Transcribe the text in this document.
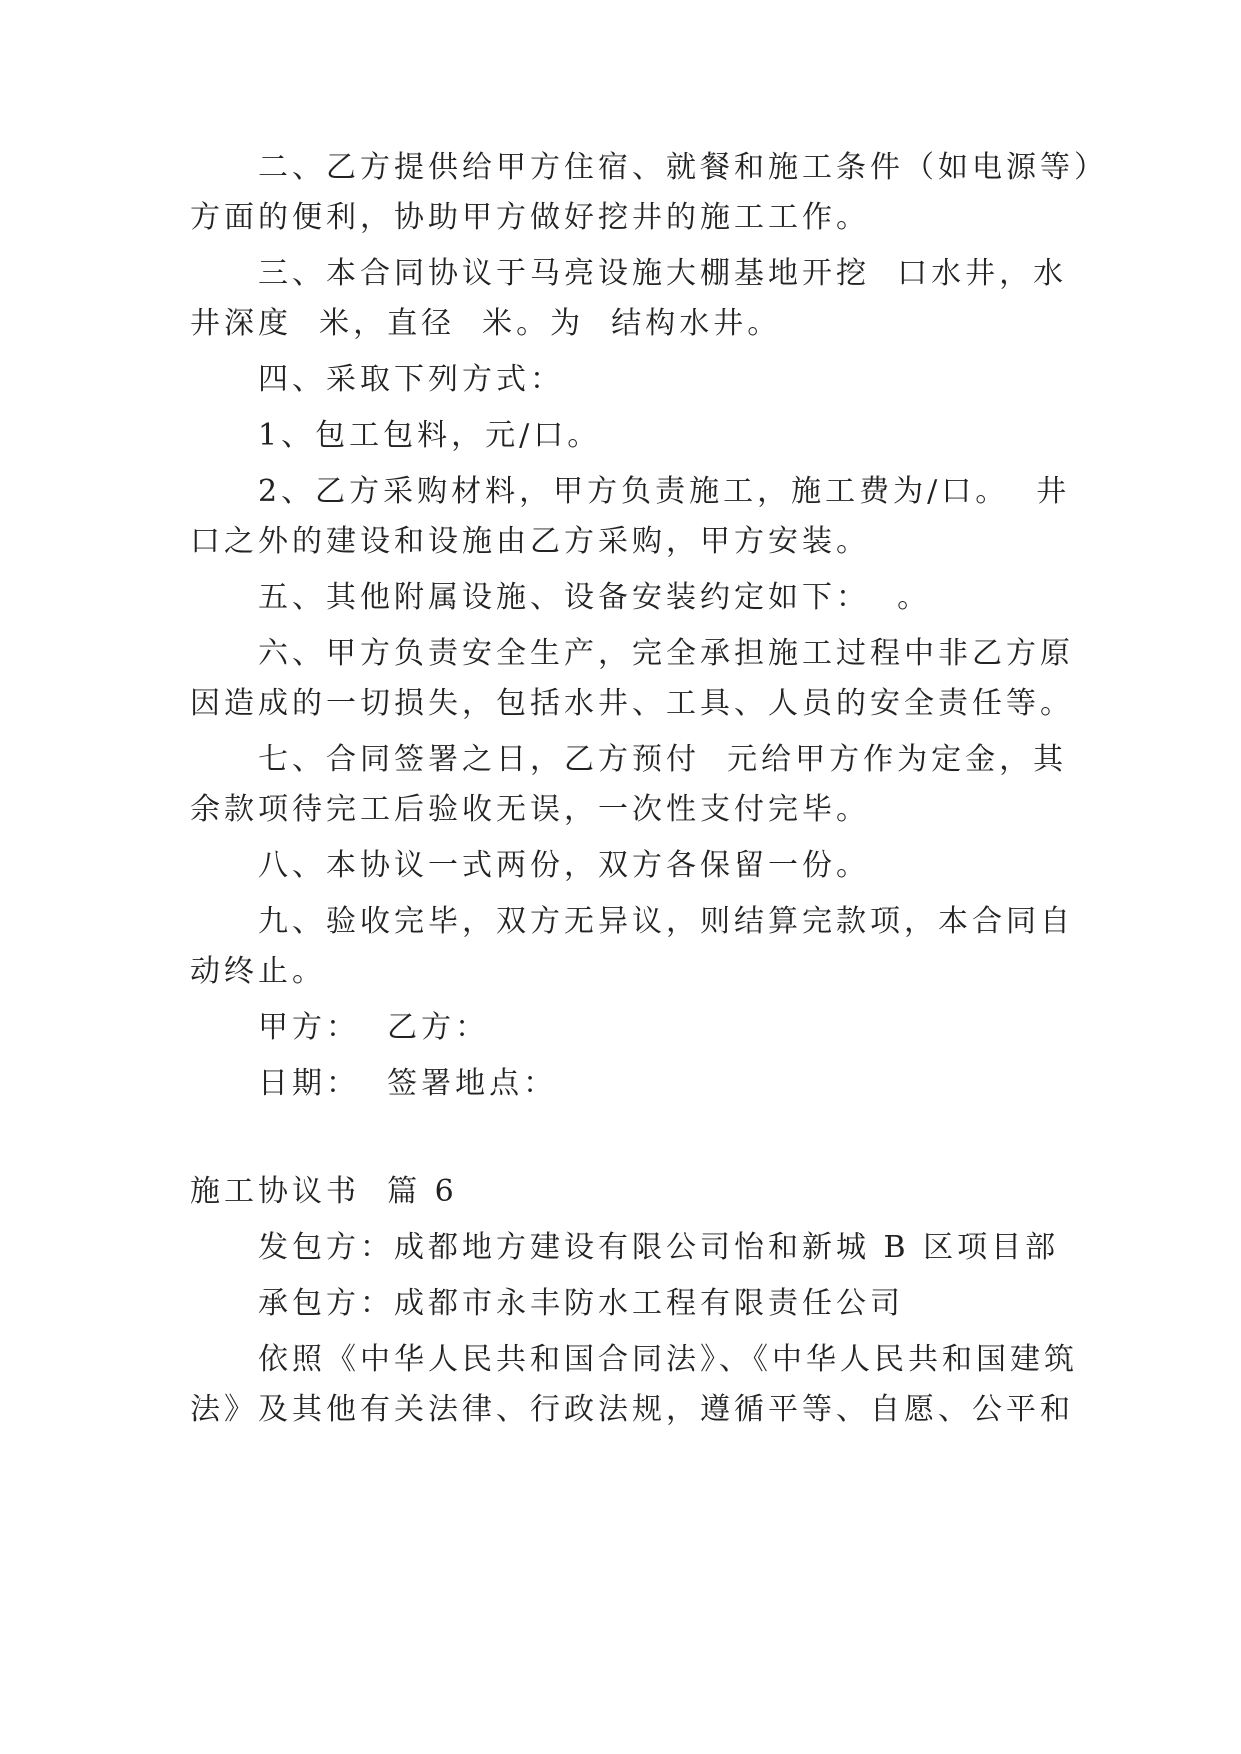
二、乙方提供给甲方住宿、就餐和施工条件（如电源等）
方面的便利，协助甲方做好挖井的施工工作。
三、本合同协议于马亮设施大棚基地开挖  口水井，水
井深度  米，直径  米。为  结构水井。
四、采取下列方式：
1、包工包料，元/口。
2、乙方采购材料，甲方负责施工，施工费为/口。  井
口之外的建设和设施由乙方采购，甲方安装。
五、其他附属设施、设备安装约定如下：  。
六、甲方负责安全生产，完全承担施工过程中非乙方原
因造成的一切损失，包括水井、工具、人员的安全责任等。
七、合同签署之日，乙方预付  元给甲方作为定金，其
余款项待完工后验收无误，一次性支付完毕。
八、本协议一式两份，双方各保留一份。
九、验收完毕，双方无异议，则结算完款项，本合同自
动终止。
甲方：  乙方：
日期：  签署地点：
施工协议书  篇 6
发包方：成都地方建设有限公司怡和新城 B 区项目部
承包方：成都市永丰防水工程有限责任公司
依照《中华人民共和国合同法》、《中华人民共和国建筑
法》及其他有关法律、行政法规，遵循平等、自愿、公平和
